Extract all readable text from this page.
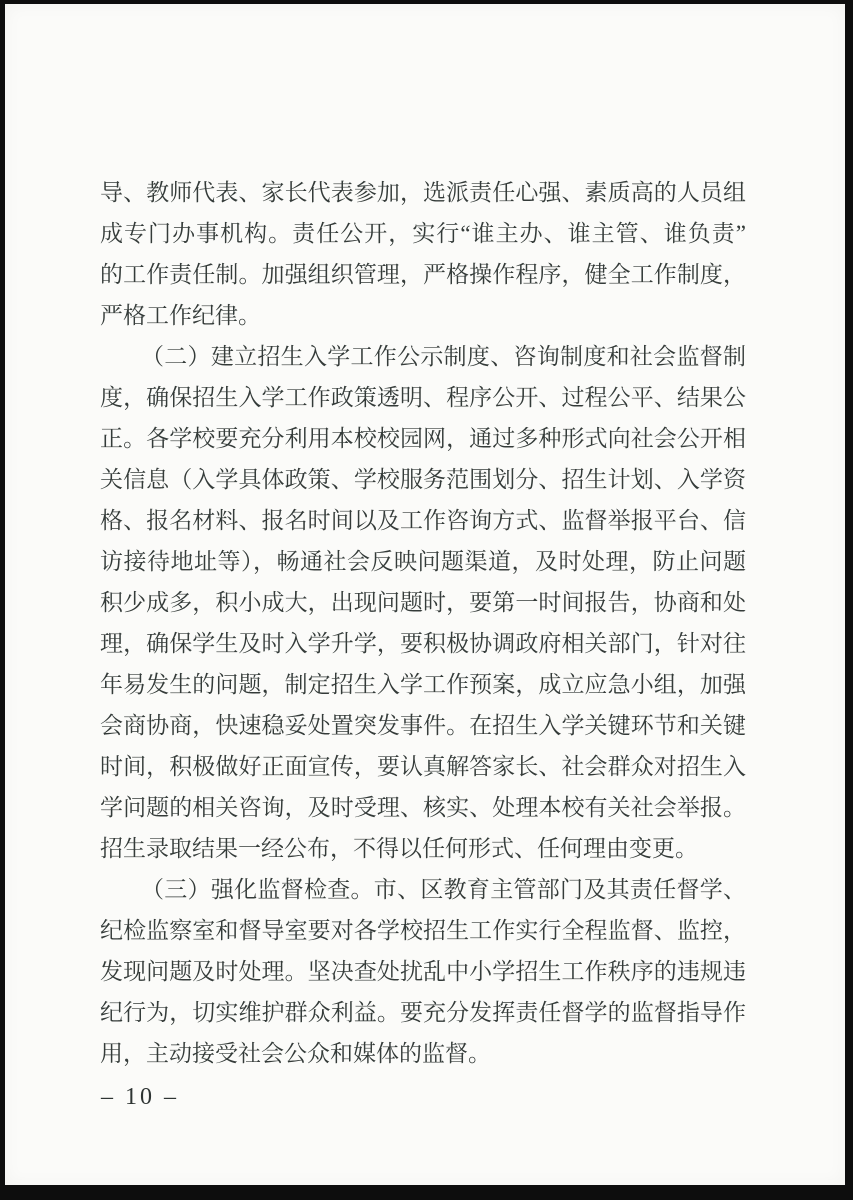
导、教师代表、家长代表参加，选派责任心强、素质高的人员组
成专门办事机构。责任公开，实行“谁主办、谁主管、谁负责”
的工作责任制。加强组织管理，严格操作程序，健全工作制度，
严格工作纪律。
（二）建立招生入学工作公示制度、咨询制度和社会监督制
度，确保招生入学工作政策透明、程序公开、过程公平、结果公
正。各学校要充分利用本校校园网，通过多种形式向社会公开相
关信息（入学具体政策、学校服务范围划分、招生计划、入学资
格、报名材料、报名时间以及工作咨询方式、监督举报平台、信
访接待地址等），畅通社会反映问题渠道，及时处理，防止问题
积少成多，积小成大，出现问题时，要第一时间报告，协商和处
理，确保学生及时入学升学，要积极协调政府相关部门，针对往
年易发生的问题，制定招生入学工作预案，成立应急小组，加强
会商协商，快速稳妥处置突发事件。在招生入学关键环节和关键
时间，积极做好正面宣传，要认真解答家长、社会群众对招生入
学问题的相关咨询，及时受理、核实、处理本校有关社会举报。
招生录取结果一经公布，不得以任何形式、任何理由变更。
（三）强化监督检查。市、区教育主管部门及其责任督学、
纪检监察室和督导室要对各学校招生工作实行全程监督、监控，
发现问题及时处理。坚决查处扰乱中小学招生工作秩序的违规违
纪行为，切实维护群众利益。要充分发挥责任督学的监督指导作
用，主动接受社会公众和媒体的监督。
– 10 –
